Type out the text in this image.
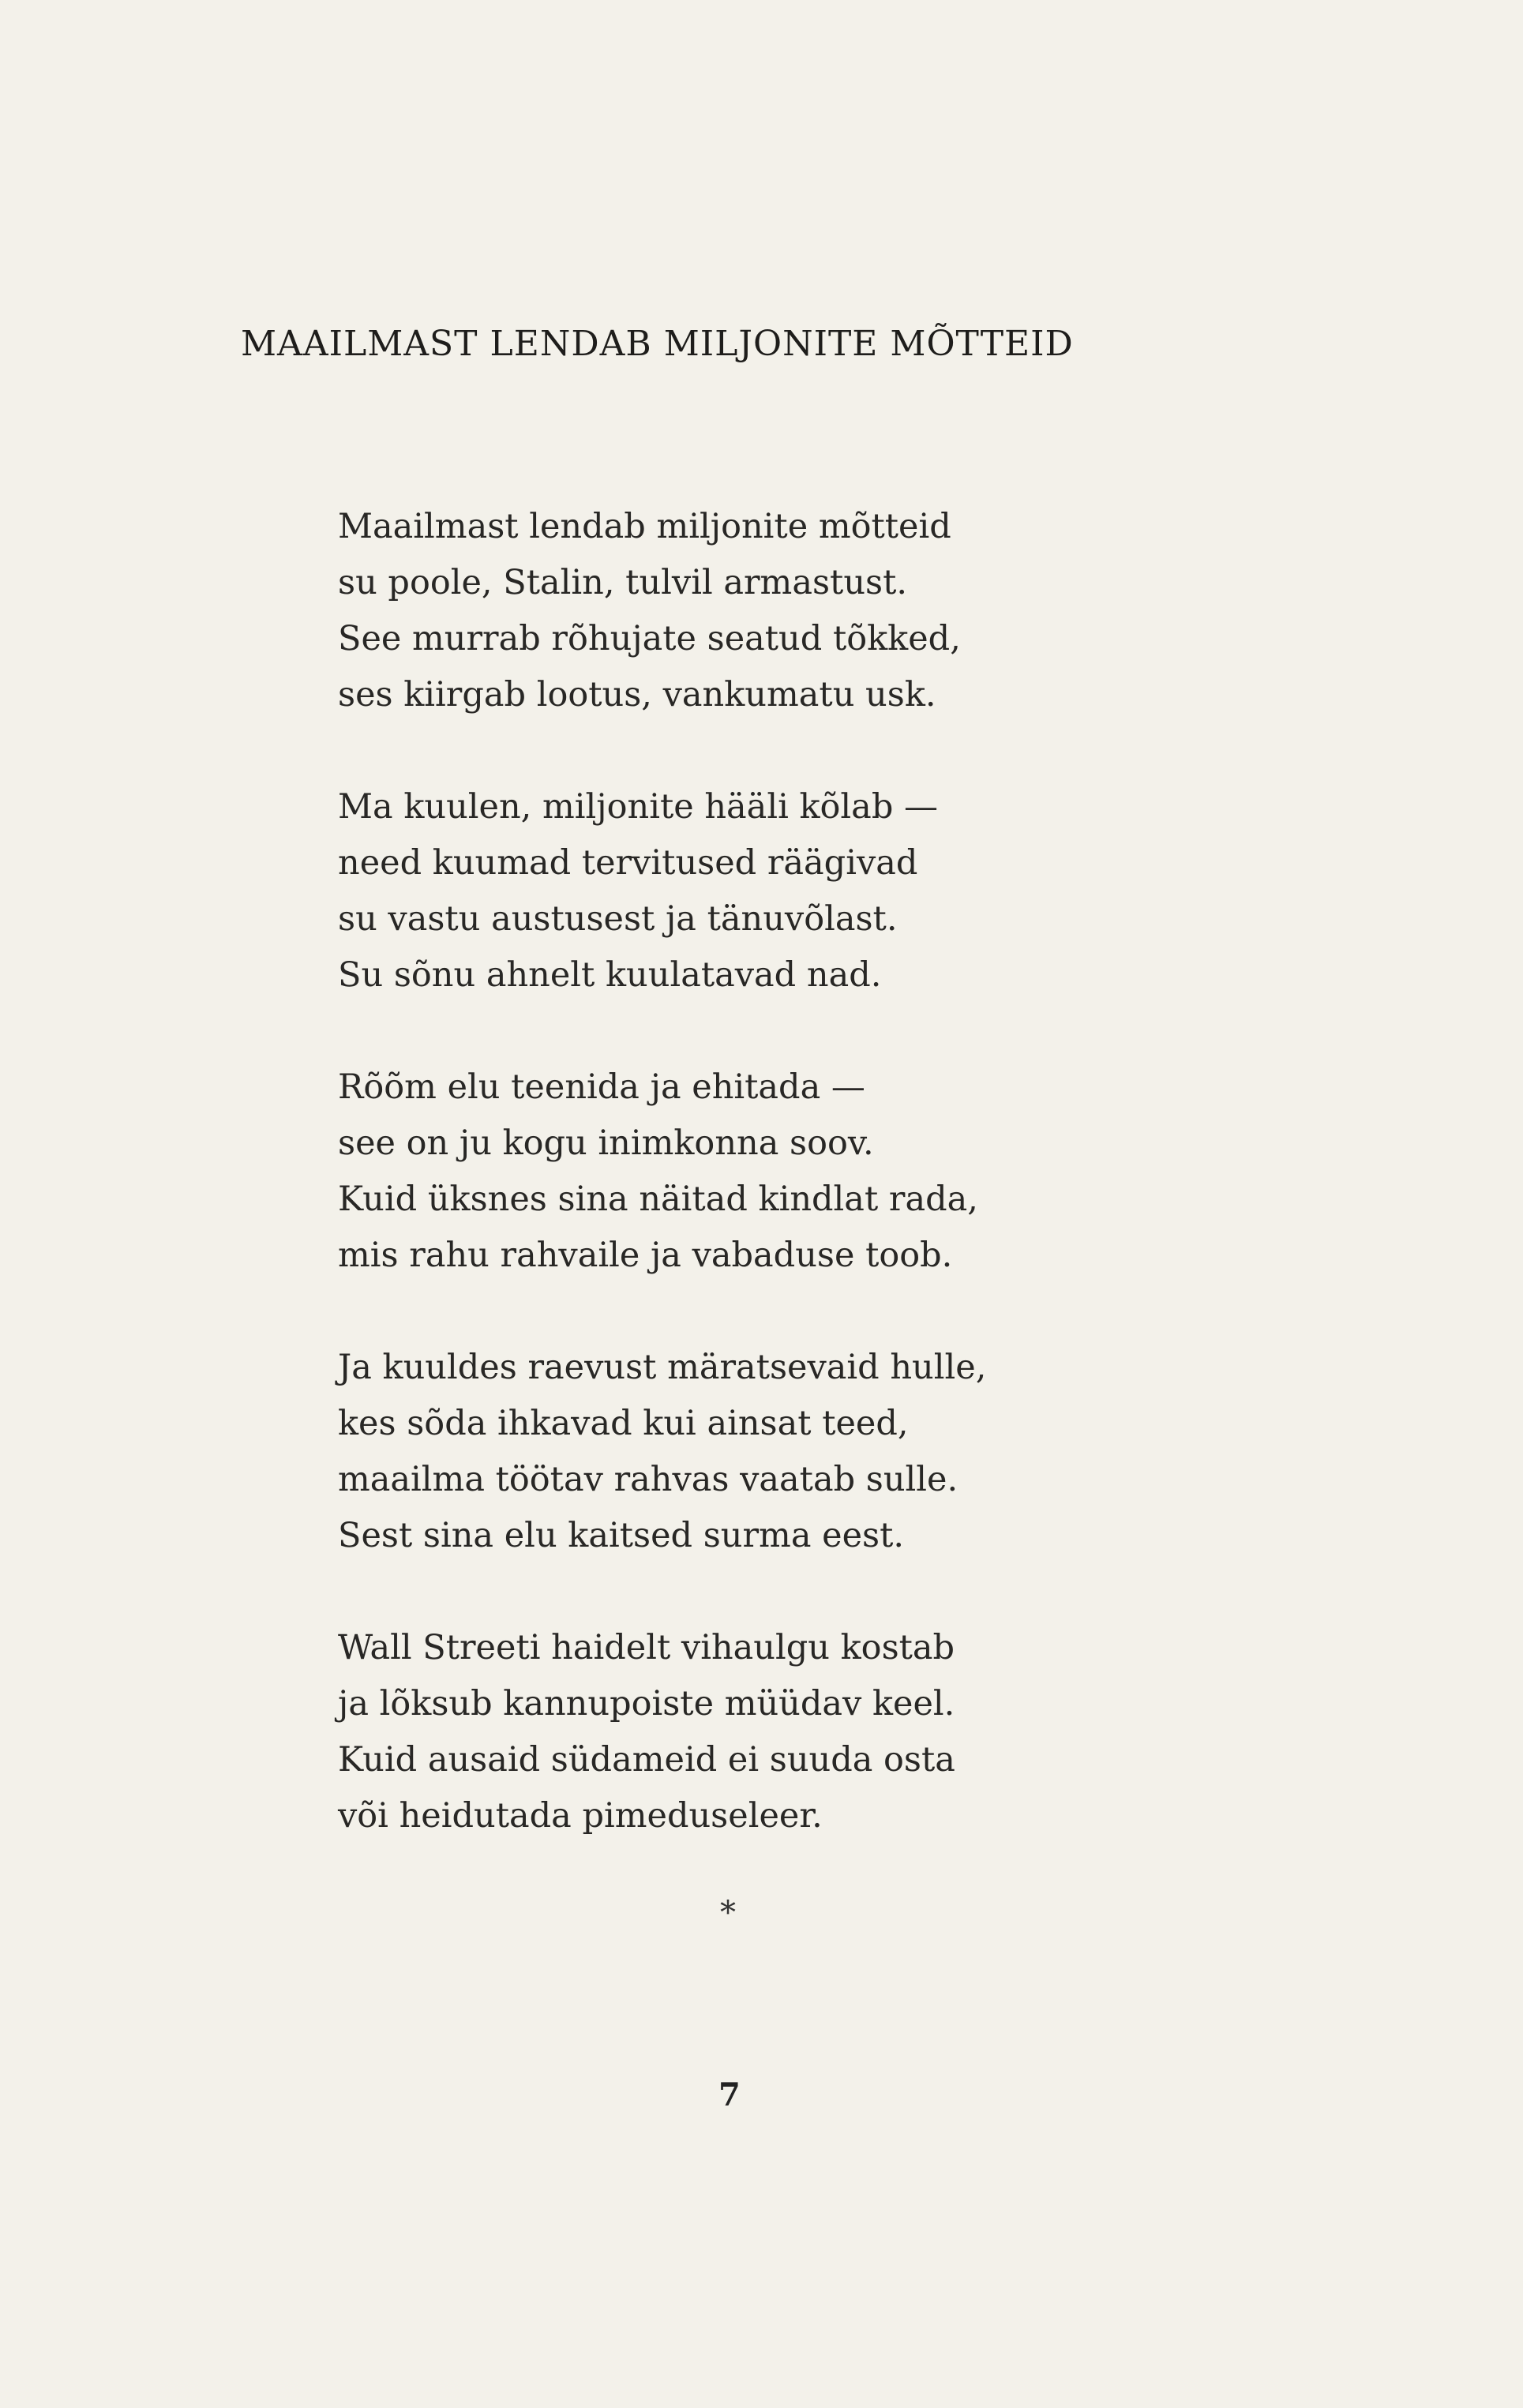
MAAILMAST LENDAB MILJONITE MÕTTEID
Maailmast lendab miljonite mõtteid
su poole, Stalin, tulvil armastust.
See murrab rõhujate seatud tõkked,
ses kiirgab lootus, vankumatu usk.
Ma kuulen, miljonite hääli kõlab —
need kuumad tervitused räägivad
su vastu austusest ja tänuvõlast.
Su sõnu ahnelt kuulatavad nad.
Rõõm elu teenida ja ehitada —
see on ju kogu inimkonna soov.
Kuid üksnes sina näitad kindlat rada,
mis rahu rahvaile ja vabaduse toob.
Ja kuuldes raevust märatsevaid hulle,
kes sõda ihkavad kui ainsat teed,
maailma töötav rahvas vaatab sulle.
Sest sina elu kaitsed surma eest.
Wall Streeti haidelt vihaulgu kostab
ja lõksub kannupoiste müüdav keel.
Kuid ausaid südameid ei suuda osta
või heidutada pimeduseleer.
*
7
